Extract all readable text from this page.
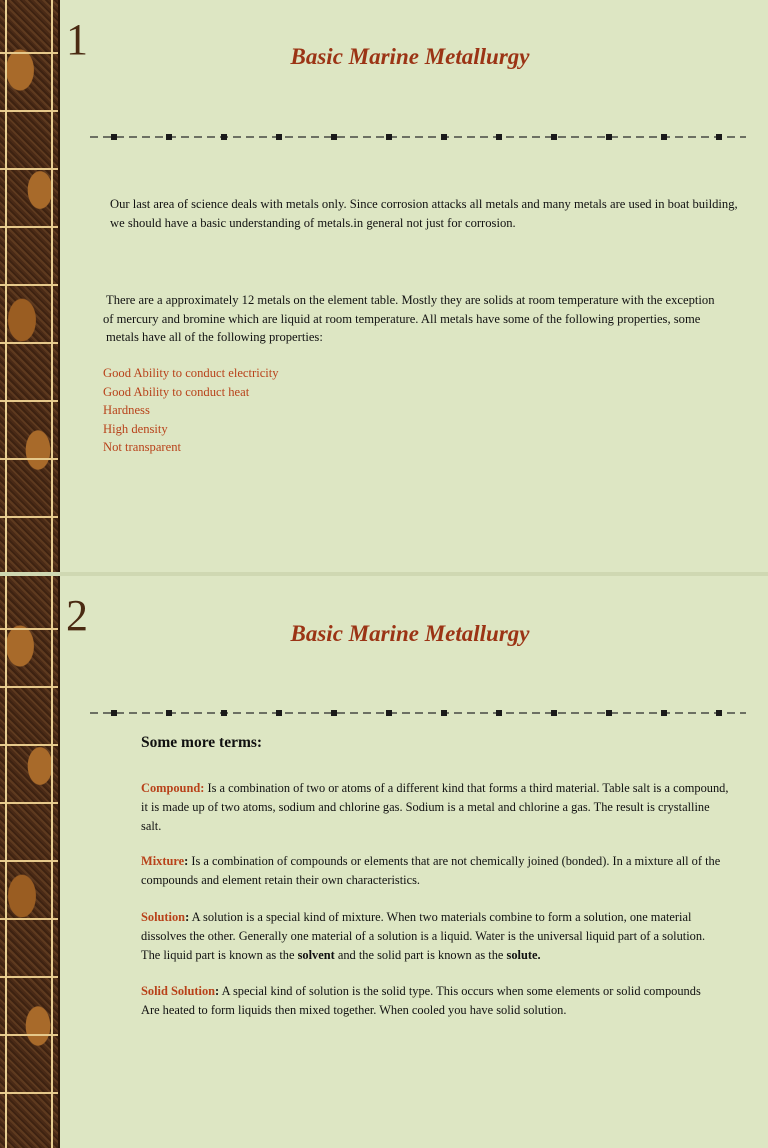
1	Basic Marine Metallurgy
Our last area of science deals with metals only. Since corrosion attacks all metals and many metals are used in boat building,
we should have a basic understanding of metals.in general not just for corrosion.
There are a approximately 12 metals on the element table. Mostly they are solids at room temperature with the exception
of mercury and bromine which are liquid at room temperature. All metals have some of the following properties, some
metals have all of the following properties:
Good Ability to conduct electricity
Good Ability to conduct heat
Hardness
High density
Not transparent
2	Basic Marine Metallurgy
Some more terms:
Compound: Is a combination of two or atoms of a different kind that forms a third material. Table salt is a compound,
it is made up of two atoms, sodium and chlorine gas. Sodium is a metal and chlorine a gas. The result is crystalline
salt.
Mixture: Is a combination of compounds or elements that are not chemically joined (bonded). In a mixture all of the
compounds and element retain their own characteristics.
Solution: A solution is a special kind of mixture. When two materials combine to form a solution, one material
dissolves the other. Generally one material of a solution is a liquid. Water is the universal liquid part of a solution.
The liquid part is known as the solvent and the solid part is known as the solute.
Solid Solution: A special kind of solution is the solid type. This occurs when some elements or solid compounds
Are heated to form liquids then mixed together. When cooled you have solid solution.
